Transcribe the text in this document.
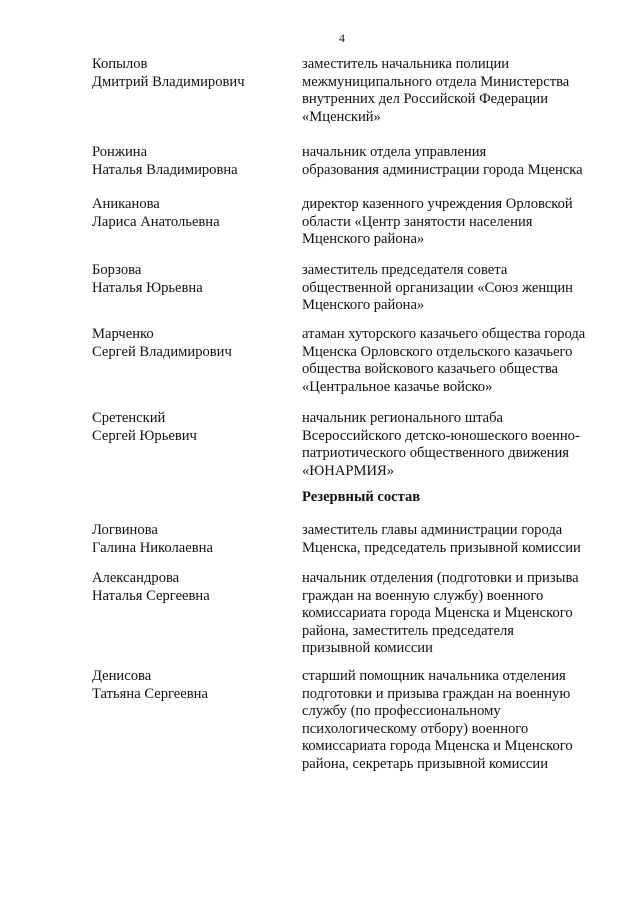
4
Копылов
Дмитрий Владимирович
заместитель начальника полиции
межмуниципального отдела Министерства
внутренних дел Российской Федерации
«Мценский»
Ронжина
Наталья Владимировна
начальник отдела управления
образования администрации города Мценска
Аниканова
Лариса Анатольевна
директор казенного учреждения Орловской
области «Центр занятости населения
Мценского района»
Борзова
Наталья Юрьевна
заместитель председателя совета
общественной организации «Союз женщин
Мценского района»
Марченко
Сергей Владимирович
атаман хуторского казачьего общества города
Мценска Орловского отдельского казачьего
общества войскового казачьего общества
«Центральное казачье войско»
Сретенский
Сергей Юрьевич
начальник регионального штаба
Всероссийского детско-юношеского военно-
патриотического общественного движения
«ЮНАРМИЯ»
Резервный состав
Логвинова
Галина Николаевна
заместитель главы администрации города
Мценска, председатель призывной комиссии
Александрова
Наталья Сергеевна
начальник отделения (подготовки и призыва
граждан на военную службу) военного
комиссариата города Мценска и Мценского
района, заместитель председателя
призывной комиссии
Денисова
Татьяна Сергеевна
старший помощник начальника отделения
подготовки и призыва граждан на военную
службу (по профессиональному
психологическому отбору) военного
комиссариата города Мценска и Мценского
района, секретарь призывной комиссии
